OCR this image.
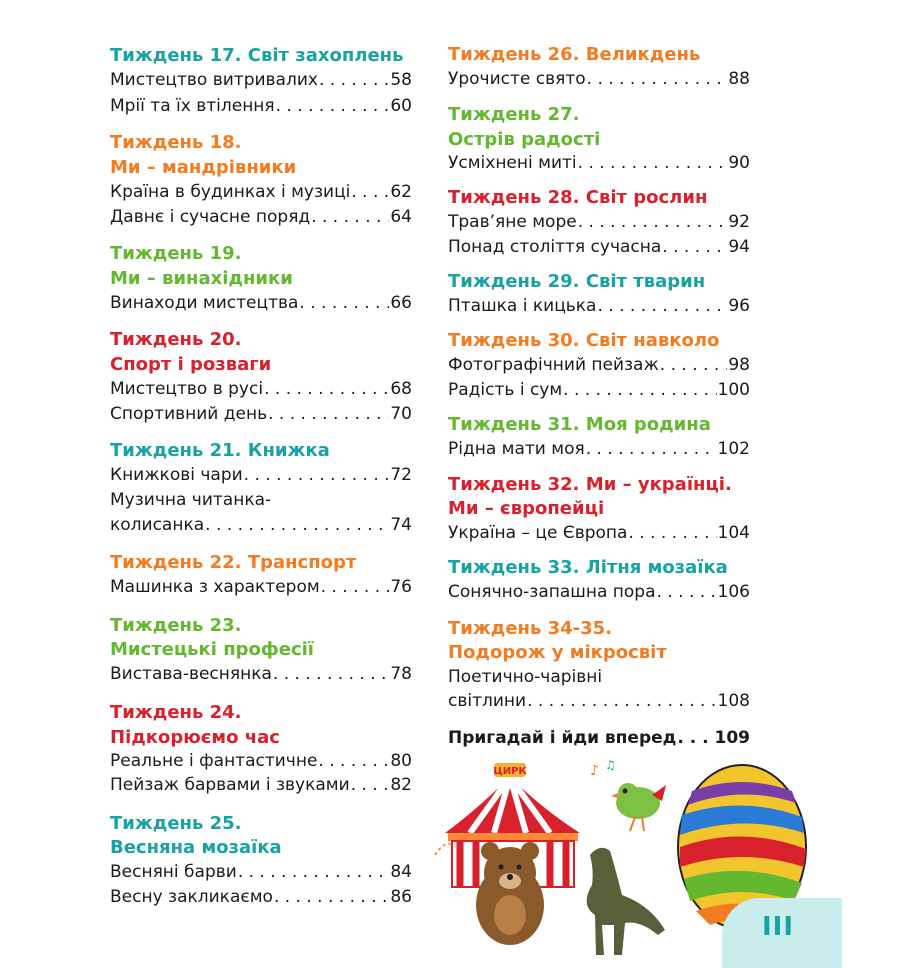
Тиждень 17. Світ захоплень
Мистецтво витривалих . . .	58
Мрії та їх втілення . . .	60
Тиждень 18.
Ми – мандрівники
Країна в будинках і музиці . . . 62
Давнє і сучасне поряд . . .	64
Тиждень 19.
Ми – винахідники
Винаходи мистецтва . . .	66
Тиждень 20.
Спорт і розваги
Мистецтво в русі . . .	68
Спортивний день . . .	70
Тиждень 21. Книжка
Книжкові чари . . .	72
Музична читанка-
колисанка . . .	74
Тиждень 22. Транспорт
Машинка з характером . . .	76
Тиждень 23.
Мистецькі професії
Вистава-веснянка . . .	78
Тиждень 24.
Підкорюємо час
Реальне і фантастичне . . .	80
Пейзаж барвами і звуками . . . 82
Тиждень 25.
Весняна мозаїка
Весняні барви . . .	84
Весну закликаємо . . .	86
Тиждень 26. Великдень
Урочисте свято . . .	88
Тиждень 27.
Острів радості
Усміхнені миті . . .	90
Тиждень 28. Світ рослин
Трав’яне море . . .	92
Понад століття сучасна . . .	94
Тиждень 29. Світ тварин
Пташка і кицька . . .	96
Тиждень 30. Світ навколо
Фотографічний пейзаж . . .	98
Радість і сум . . .	100
Тиждень 31. Моя родина
Рідна мати моя . . .	102
Тиждень 32. Ми – українці.
Ми – європейці
Україна – це Європа . . .	104
Тиждень 33. Літня мозаїка
Сонячно-запашна пора . . .	106
Тиждень 34-35.
Подорож у мікросвіт
Поетично-чарівні
світлини . . .	108
Пригадай і йди вперед . . . 109
ЦИРК	♪ ♫
III
